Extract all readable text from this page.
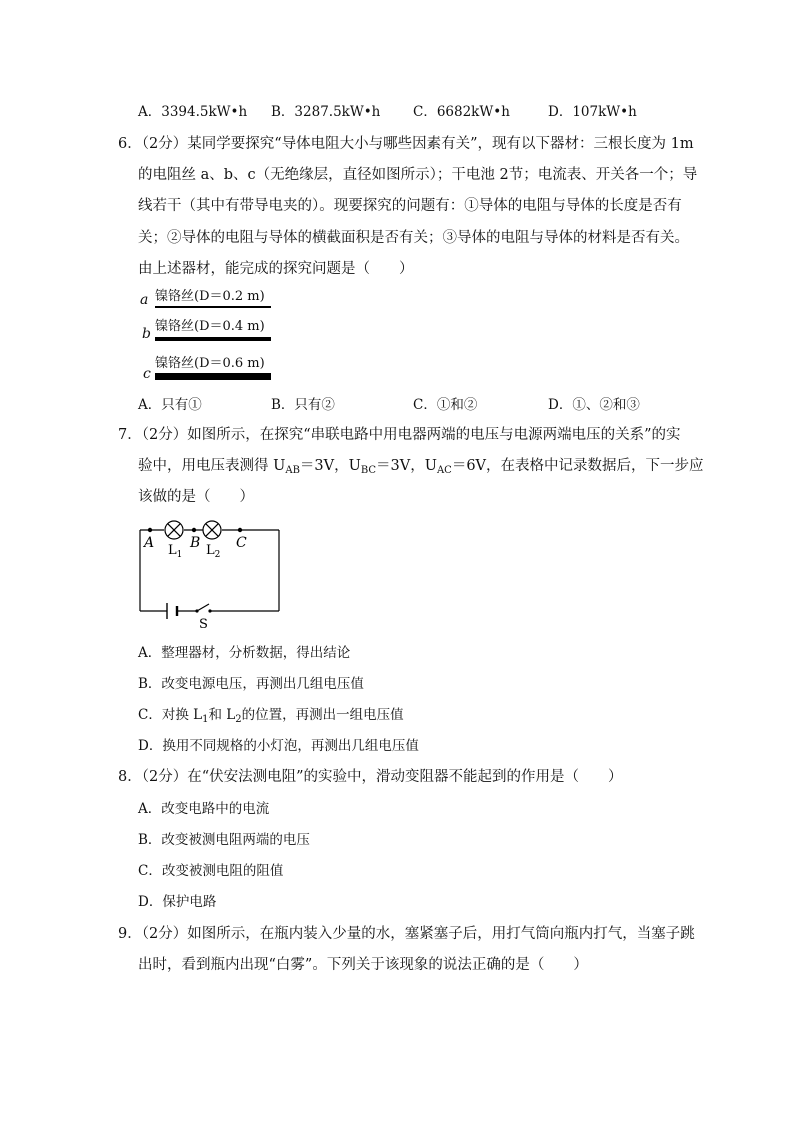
A．3394.5kW•h B．3287.5kW•h C．6682kW•h	D．107kW•h
6．（2分）某同学要探究“导体电阻大小与哪些因素有关”，现有以下器材：三根长度为 1m
的电阻丝 a、b、c（无绝缘层，直径如图所示）；干电池 2节；电流表、开关各一个；导
线若干（其中有带导电夹的）。现要探究的问题有：①导体的电阻与导体的长度是否有
关；②导体的电阻与导体的横截面积是否有关；③导体的电阻与导体的材料是否有关。
由上述器材，能完成的探究问题是（　　）
a 镍铬丝(D＝0.2 m)
b 镍铬丝(D＝0.4 m)
c
镍铬丝(D＝0.6 m)
A．只有①	B．只有②	C．①和②	D．①、②和③
7．（2分）如图所示，在探究“串联电路中用电器两端的电压与电源两端电压的关系”的实
验中，用电压表测得 $U_{AB}=3V$，$U_{BC}=3V$，$U_{AC}=6V$，在表格中记录数据后，下一步应
该做的是（　　）
A	B	C
$L_1$ $L_2$
S
A．整理器材，分析数据，得出结论
B．改变电源电压，再测出几组电压值
C．对换 $L_1$和 $L_2$的位置，再测出一组电压值
D．换用不同规格的小灯泡，再测出几组电压值
8．（2分）在“伏安法测电阻”的实验中，滑动变阻器不能起到的作用是（　　）
A．改变电路中的电流
B．改变被测电阻两端的电压
C．改变被测电阻的阻值
D．保护电路
9．（2分）如图所示，在瓶内装入少量的水，塞紧塞子后，用打气筒向瓶内打气，当塞子跳
出时，看到瓶内出现“白雾”。下列关于该现象的说法正确的是（　　）
